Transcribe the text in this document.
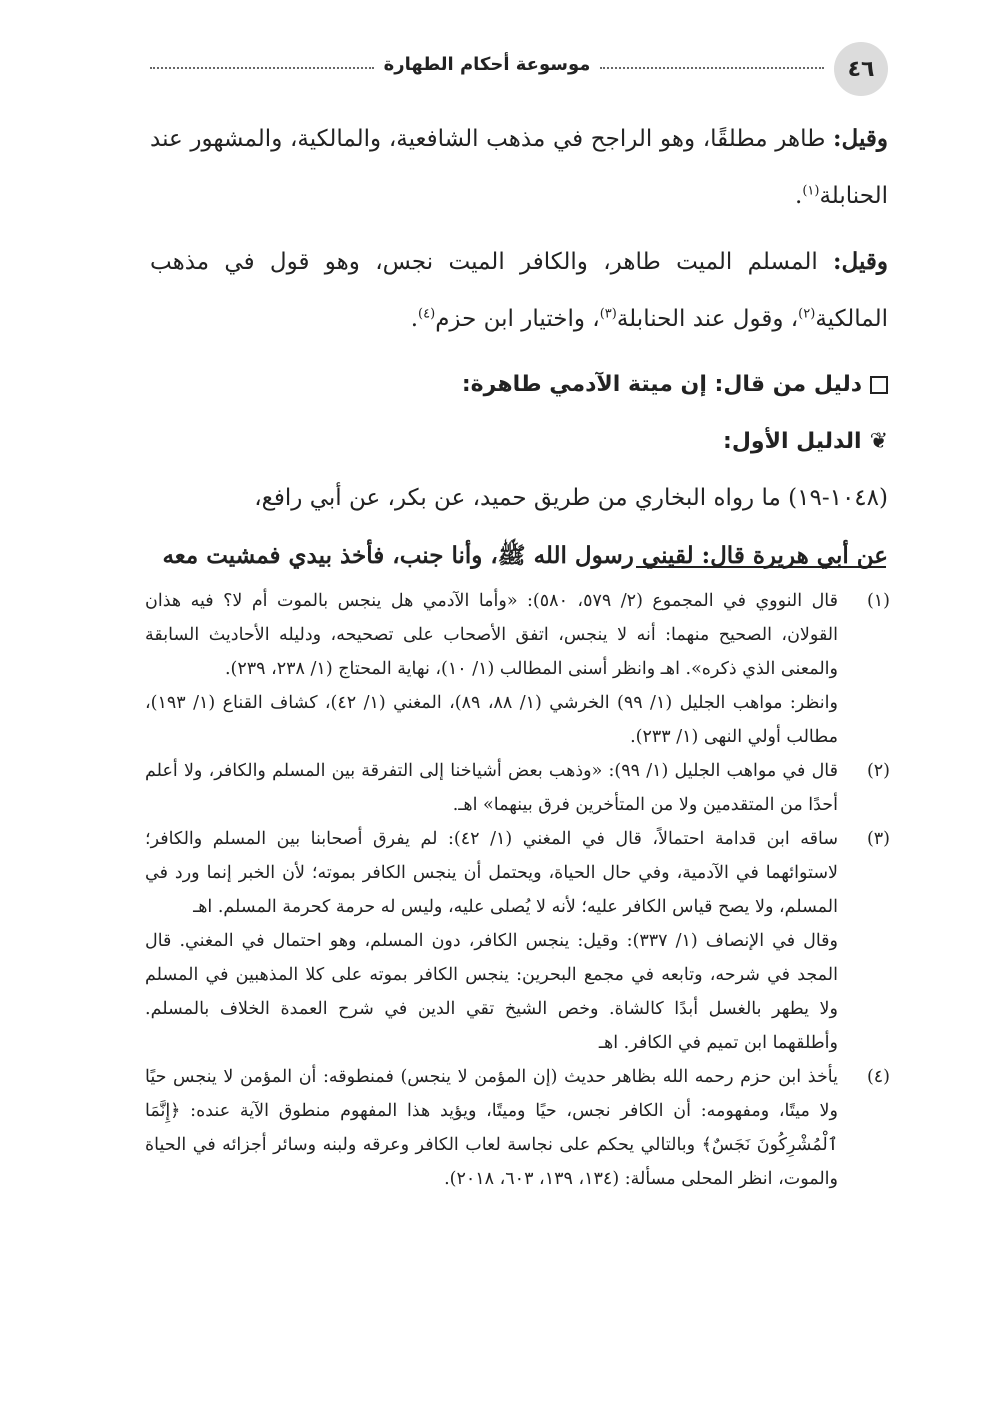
موسوعة أحكام الطهارة	٤٦

وقيل: طاهر مطلقًا، وهو الراجح في مذهب الشافعية، والمالكية، والمشهور عند الحنابلة$^{(١)}$.

وقيل: المسلم الميت طاهر، والكافر الميت نجس، وهو قول في مذهب المالكية$^{(٢)}$، وقول عند الحنابلة$^{(٣)}$، واختيار ابن حزم$^{(٤)}$.

دليل من قال: إن ميتة الآدمي طاهرة:

❦الدليل الأول:

(١٠٤٨-١٩) ما رواه البخاري من طريق حميد، عن بكر، عن أبي رافع،

عن أبي هريرة قال: لقيني رسول الله ﷺ، وأنا جنب، فأخذ بيدي فمشيت معه

(١)

قال النووي في المجموع (٢/ ٥٧٩، ٥٨٠): «وأما الآدمي هل ينجس بالموت أم لا؟ فيه هذان القولان، الصحيح منهما: أنه لا ينجس، اتفق الأصحاب على تصحيحه، ودليله الأحاديث السابقة والمعنى الذي ذكره». اهـ وانظر أسنى المطالب (١/ ١٠)، نهاية المحتاج (١/ ٢٣٨، ٢٣٩).

وانظر: مواهب الجليل (١/ ٩٩) الخرشي (١/ ٨٨، ٨٩)، المغني (١/ ٤٢)، كشاف القناع (١/ ١٩٣)، مطالب أولي النهى (١/ ٢٣٣).

(٢)

قال في مواهب الجليل (١/ ٩٩): «وذهب بعض أشياخنا إلى التفرقة بين المسلم والكافر، ولا أعلم أحدًا من المتقدمين ولا من المتأخرين فرق بينهما» اهـ.

(٣)

ساقه ابن قدامة احتمالاً، قال في المغني (١/ ٤٢): لم يفرق أصحابنا بين المسلم والكافر؛ لاستوائهما في الآدمية، وفي حال الحياة، ويحتمل أن ينجس الكافر بموته؛ لأن الخبر إنما ورد في المسلم، ولا يصح قياس الكافر عليه؛ لأنه لا يُصلى عليه، وليس له حرمة كحرمة المسلم. اهـ

وقال في الإنصاف (١/ ٣٣٧): وقيل: ينجس الكافر، دون المسلم، وهو احتمال في المغني. قال المجد في شرحه، وتابعه في مجمع البحرين: ينجس الكافر بموته على كلا المذهبين في المسلم ولا يطهر بالغسل أبدًا كالشاة. وخص الشيخ تقي الدين في شرح العمدة الخلاف بالمسلم. وأطلقهما ابن تميم في الكافر. اهـ

(٤)

يأخذ ابن حزم رحمه الله بظاهر حديث (إن المؤمن لا ينجس) فمنطوقه: أن المؤمن لا ينجس حيًا ولا ميتًا، ومفهومه: أن الكافر نجس، حيًا وميتًا، ويؤيد هذا المفهوم منطوق الآية عنده: ﴿إِنَّمَا ٱلْمُشْرِكُونَ نَجَسٌ﴾ وبالتالي يحكم على نجاسة لعاب الكافر وعرقه ولبنه وسائر أجزائه في الحياة والموت، انظر المحلى مسألة: (١٣٤، ١٣٩، ٦٠٣، ٢٠١٨).
